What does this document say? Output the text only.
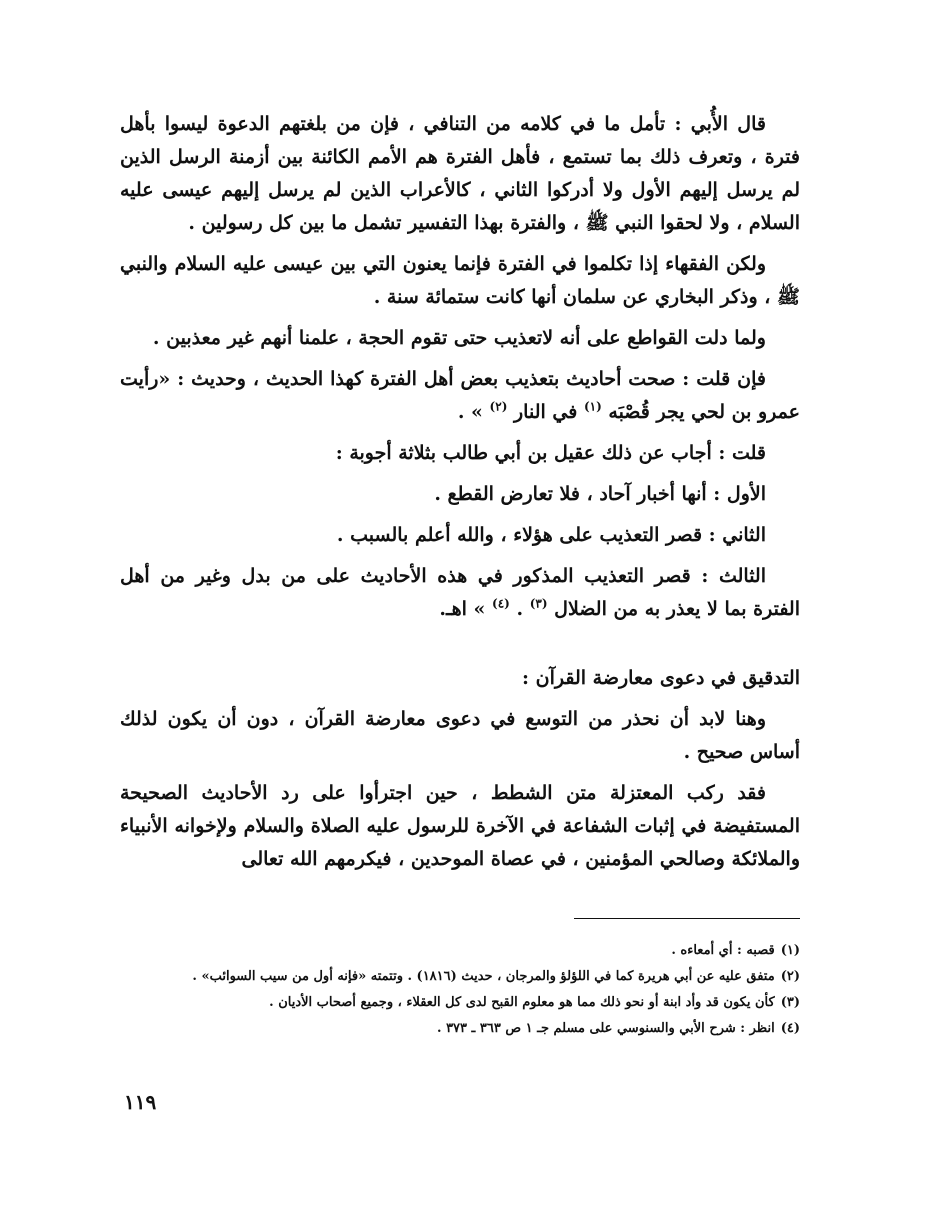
قال الأُبي : تأمل ما في كلامه من التنافي ، فإن من بلغتهم الدعوة ليسوا بأهل فترة ، وتعرف ذلك بما تستمع ، فأهل الفترة هم الأمم الكائنة بين أزمنة الرسل الذين لم يرسل إليهم الأول ولا أدركوا الثاني ، كالأعراب الذين لم يرسل إليهم عيسى عليه السلام ، ولا لحقوا النبي ﷺ ، والفترة بهذا التفسير تشمل ما بين كل رسولين .

ولكن الفقهاء إذا تكلموا في الفترة فإنما يعنون التي بين عيسى عليه السلام والنبي ﷺ ، وذكر البخاري عن سلمان أنها كانت ستمائة سنة .

ولما دلت القواطع على أنه لاتعذيب حتى تقوم الحجة ، علمنا أنهم غير معذبين .

فإن قلت : صحت أحاديث بتعذيب بعض أهل الفترة كهذا الحديث ، وحديث : «رأيت عمرو بن لحي يجر قُصْبَه $^{(١)}$ في النار $^{(٢)}$ » .

قلت : أجاب عن ذلك عقيل بن أبي طالب بثلاثة أجوبة :

الأول : أنها أخبار آحاد ، فلا تعارض القطع .

الثاني : قصر التعذيب على هؤلاء ، والله أعلم بالسبب .

الثالث : قصر التعذيب المذكور في هذه الأحاديث على من بدل وغير من أهل الفترة بما لا يعذر به من الضلال $^{(٣)}$ . $^{(٤)}$ » اهـ.

التدقيق في دعوى معارضة القرآن :

وهنا لابد أن نحذر من التوسع في دعوى معارضة القرآن ، دون أن يكون لذلك أساس صحيح .

فقد ركب المعتزلة متن الشطط ، حين اجترأوا على رد الأحاديث الصحيحة المستفيضة في إثبات الشفاعة في الآخرة للرسول عليه الصلاة والسلام ولإخوانه الأنبياء والملائكة وصالحي المؤمنين ، في عصاة الموحدين ، فيكرمهم الله تعالى

(١)قصبه : أي أمعاءه .

(٢)متفق عليه عن أبي هريرة كما في اللؤلؤ والمرجان ، حديث (١٨١٦) . وتتمته «فإنه أول من سيب السوائب» .

(٣)كأن يكون قد وأد ابنة أو نحو ذلك مما هو معلوم القبح لدى كل العقلاء ، وجميع أصحاب الأديان .

(٤)انظر : شرح الأبي والسنوسي على مسلم جـ ١ ص ٣٦٣ ـ ٣٧٣ .

١١٩
